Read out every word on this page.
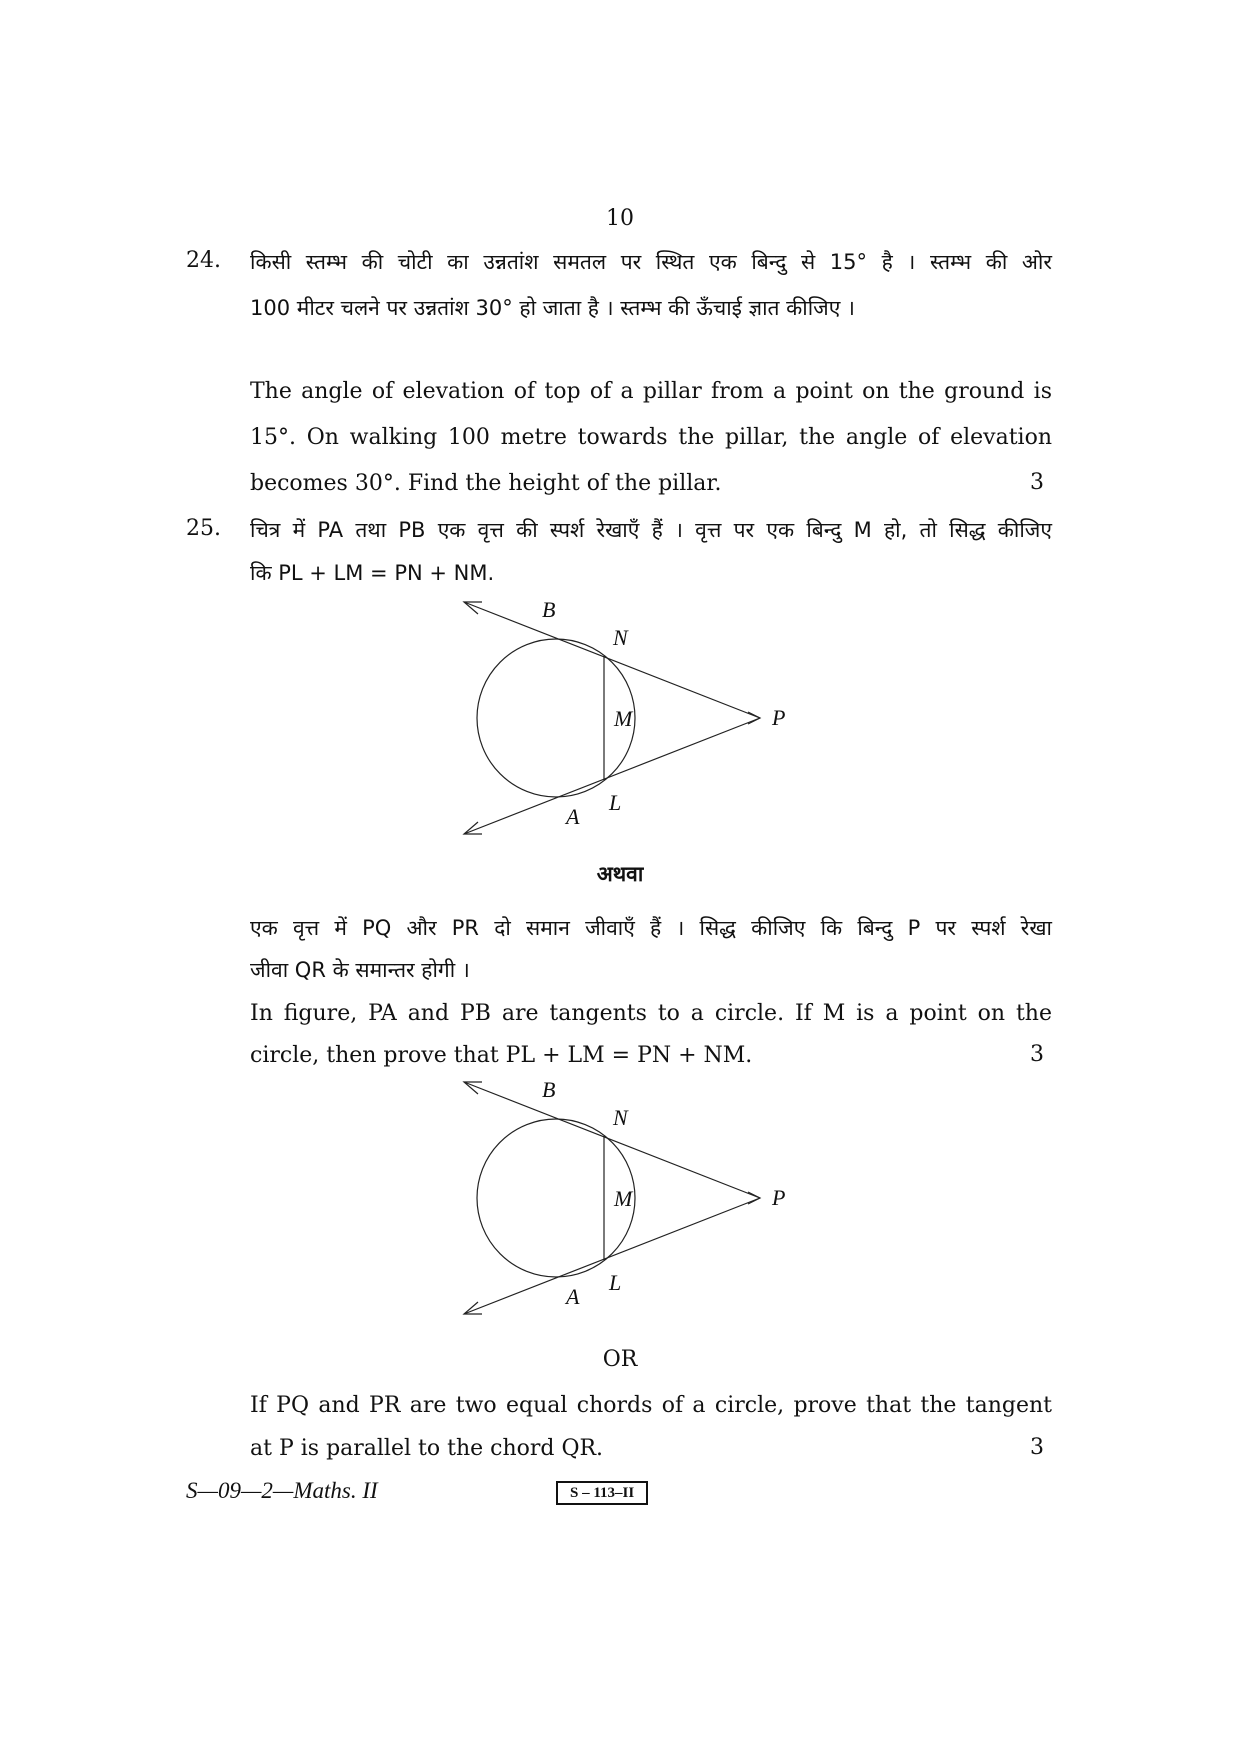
10
24. किसी स्तम्भ की चोटी का उन्नतांश समतल पर स्थित एक बिन्दु से 15° है । स्तम्भ की ओर
100 मीटर चलने पर उन्नतांश 30° हो जाता है । स्तम्भ की ऊँचाई ज्ञात कीजिए ।
The angle of elevation of top of a pillar from a point on the ground is
15°. On walking 100 metre towards the pillar, the angle of elevation
becomes 30°. Find the height of the pillar.	3
25. चित्र में PA तथा PB एक वृत्त की स्पर्श रेखाएँ हैं । वृत्त पर एक बिन्दु M हो, तो सिद्ध कीजिए
कि PL + LM = PN + NM.
B
N
M	P
L
A
अथवा
एक वृत्त में PQ और PR दो समान जीवाएँ हैं । सिद्ध कीजिए कि बिन्दु P पर स्पर्श रेखा
जीवा QR के समान्तर होगी ।
In figure, PA and PB are tangents to a circle. If M is a point on the
circle, then prove that PL + LM = PN + NM.	3
B
N
M	P
L
A
OR
If PQ and PR are two equal chords of a circle, prove that the tangent
at P is parallel to the chord QR.	3
S—09—2—Maths. II	S – 113–II
